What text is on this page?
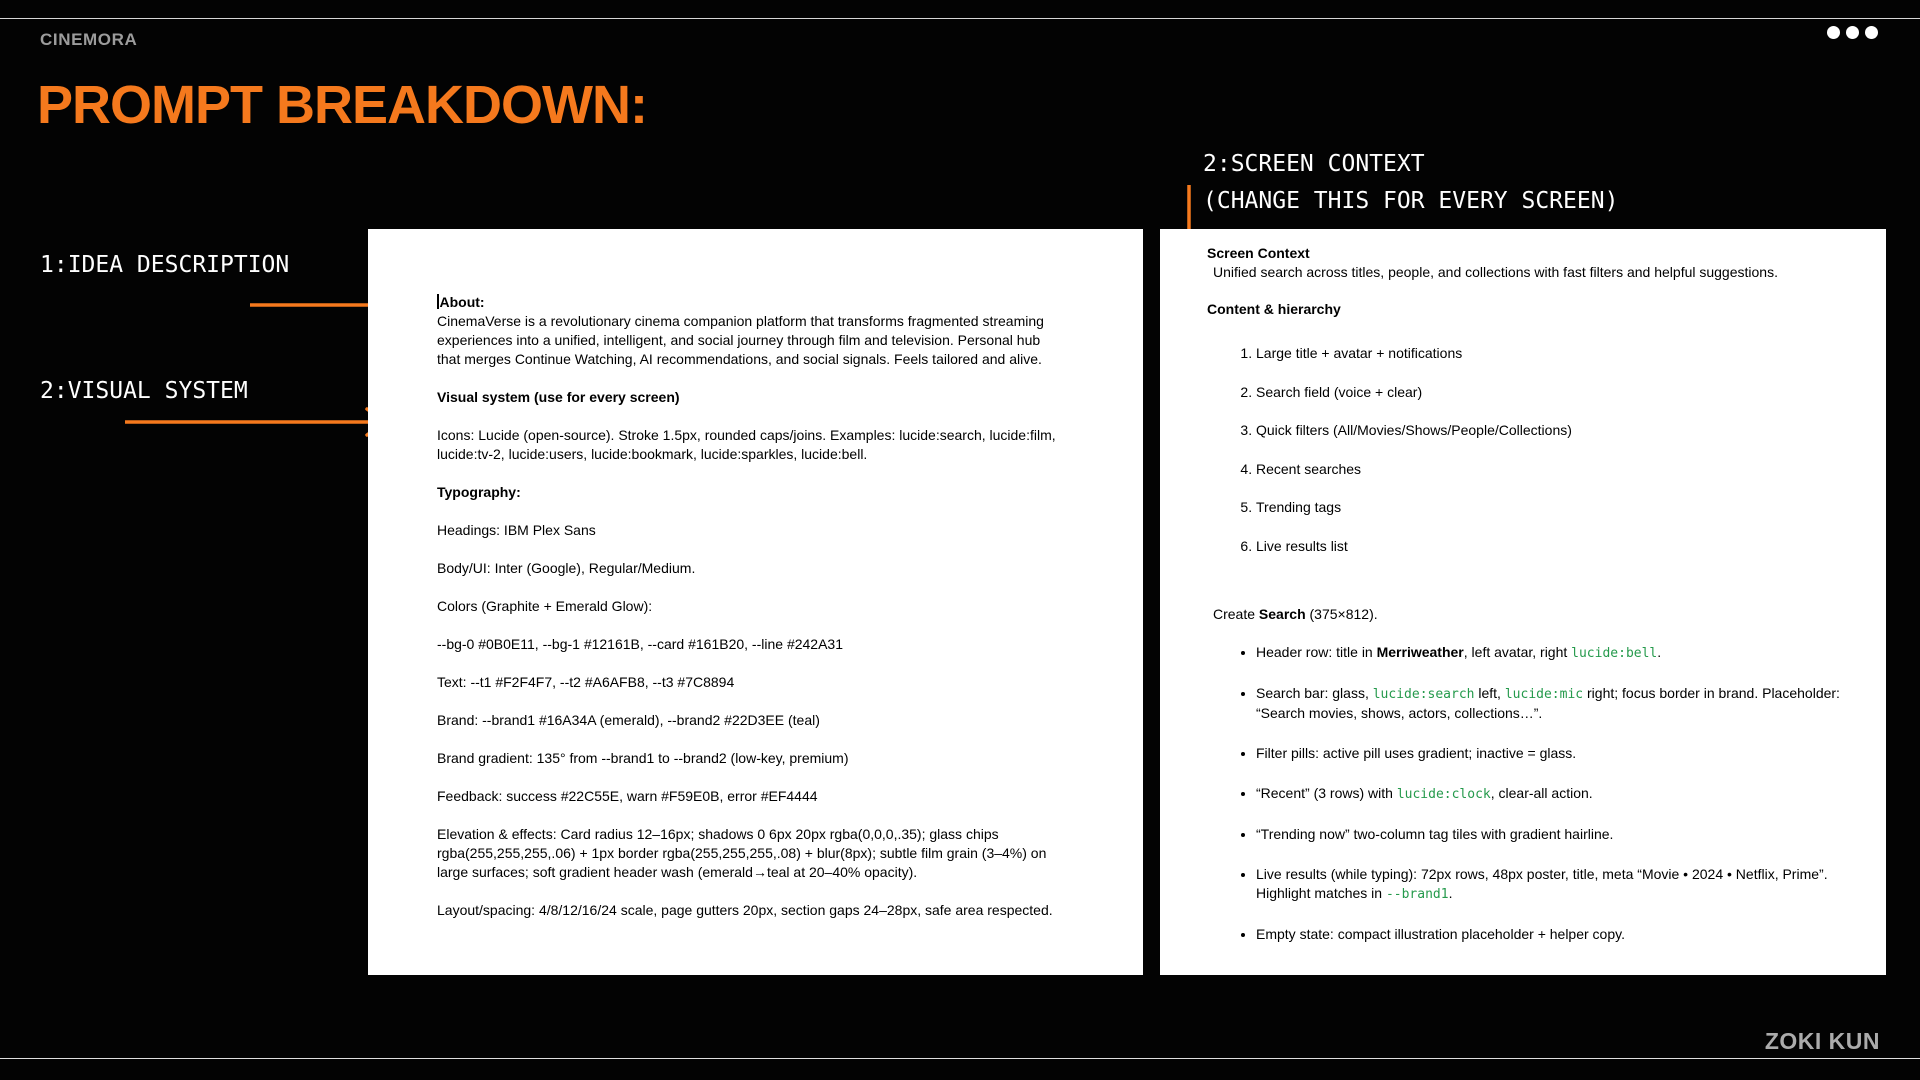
CINEMORA
PROMPT BREAKDOWN:
1:IDEA DESCRIPTION
2:VISUAL SYSTEM
2:SCREEN CONTEXT
(CHANGE THIS FOR EVERY SCREEN)

About:

CinemaVerse is a revolutionary cinema companion platform that transforms fragmented streaming experiences into a unified, intelligent, and social journey through film and television. Personal hub that merges Continue Watching, AI recommendations, and social signals. Feels tailored and alive.

Visual system (use for every screen)

Icons: Lucide (open-source). Stroke 1.5px, rounded caps/joins. Examples: lucide:search, lucide:film, lucide:tv-2, lucide:users, lucide:bookmark, lucide:sparkles, lucide:bell.

Typography:

Headings: IBM Plex Sans

Body/UI: Inter (Google), Regular/Medium.

Colors (Graphite + Emerald Glow):

--bg-0 #0B0E11, --bg-1 #12161B, --card #161B20, --line #242A31

Text: --t1 #F2F4F7, --t2 #A6AFB8, --t3 #7C8894

Brand: --brand1 #16A34A (emerald), --brand2 #22D3EE (teal)

Brand gradient: 135° from --brand1 to --brand2 (low-key, premium)

Feedback: success #22C55E, warn #F59E0B, error #EF4444

Elevation & effects: Card radius 12–16px; shadows 0 6px 20px rgba(0,0,0,.35); glass chips rgba(255,255,255,.06) + 1px border rgba(255,255,255,.08) + blur(8px); subtle film grain (3–4%) on large surfaces; soft gradient header wash (emerald→teal at 20–40% opacity).

Layout/spacing: 4/8/12/16/24 scale, page gutters 20px, section gaps 24–28px, safe area respected.

Screen Context

Unified search across titles, people, and collections with fast filters and helpful suggestions.

Content & hierarchy

1. Large title + avatar + notifications
2. Search field (voice + clear)
3. Quick filters (All/Movies/Shows/People/Collections)
4. Recent searches
5. Trending tags
6. Live results list

Create Search (375×812).

• Header row: title in Merriweather, left avatar, right lucide:bell.
• Search bar: glass, lucide:search left, lucide:mic right; focus border in brand. Placeholder: “Search movies, shows, actors, collections…”.
• Filter pills: active pill uses gradient; inactive = glass.
• “Recent” (3 rows) with lucide:clock, clear-all action.
• “Trending now” two-column tag tiles with gradient hairline.
• Live results (while typing): 72px rows, 48px poster, title, meta “Movie • 2024 • Netflix, Prime”. Highlight matches in --brand1.
• Empty state: compact illustration placeholder + helper copy.
ZOKI KUN
